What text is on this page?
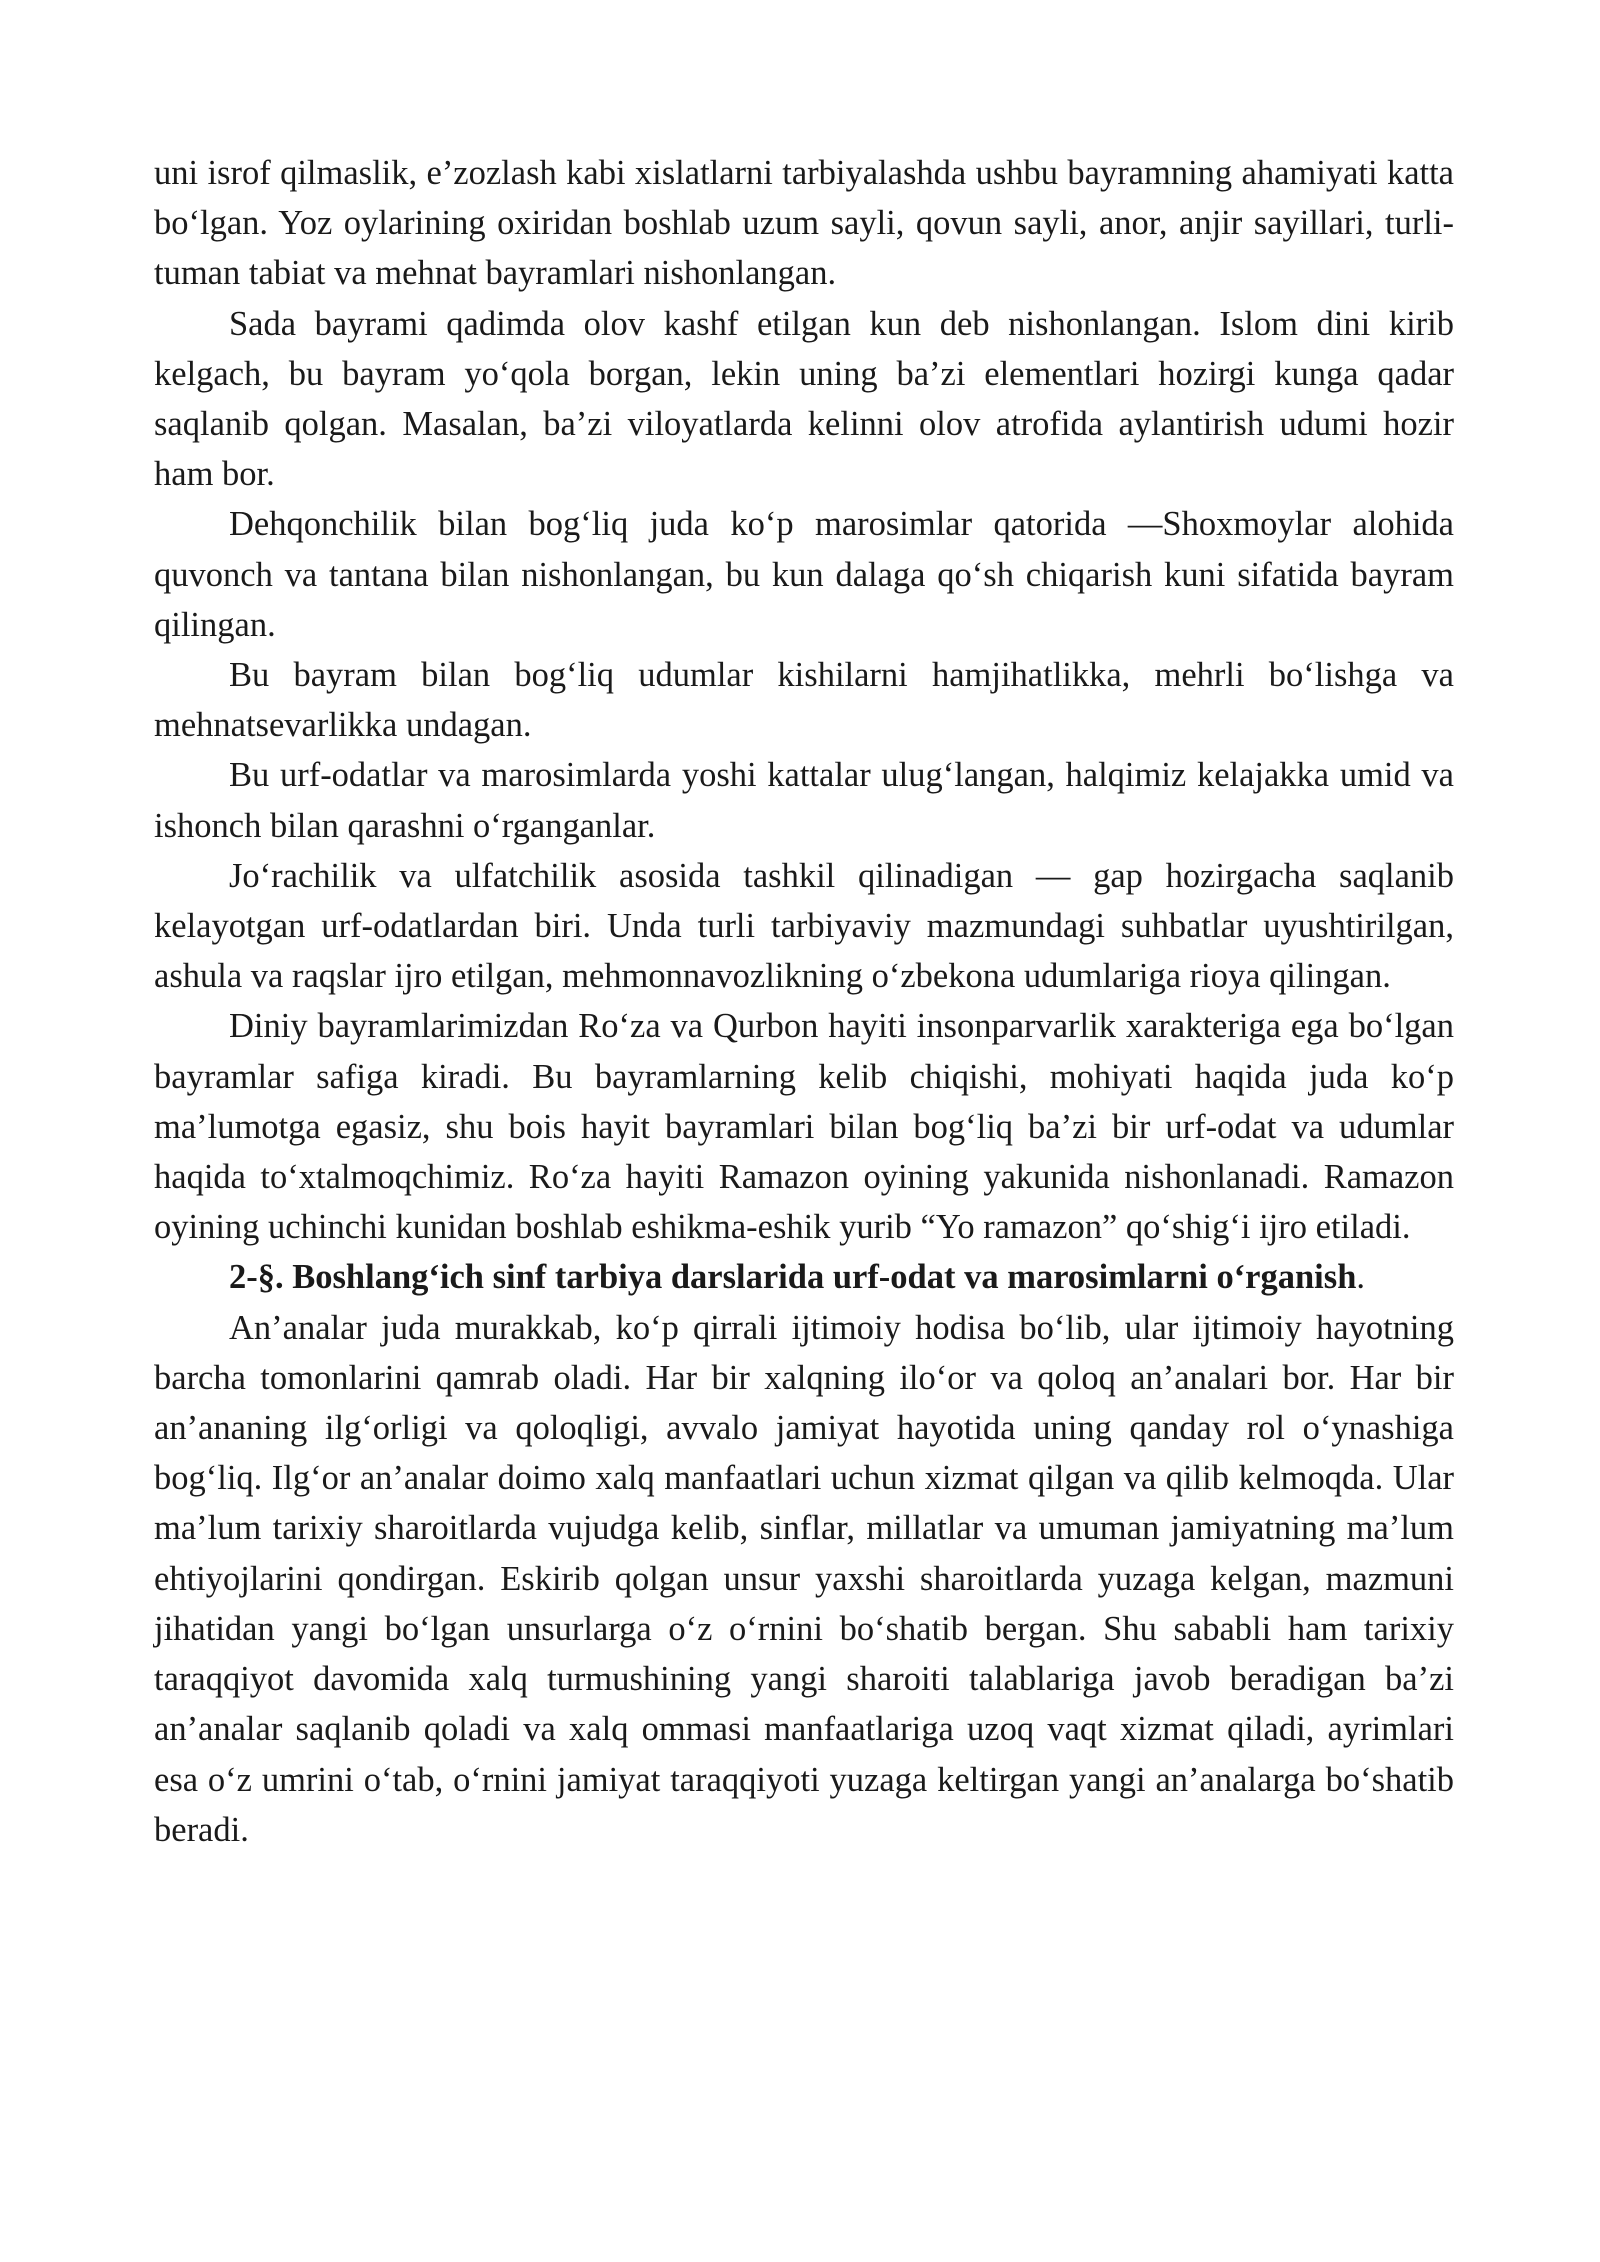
uni isrof qilmaslik, e’zozlash kabi xislatlarni tarbiyalashda ushbu bayramning ahamiyati katta bo‘lgan. Yoz oylarining oxiridan boshlab uzum sayli, qovun sayli, anor, anjir sayillari, turli-tuman tabiat va mehnat bayramlari nishonlangan.

Sada bayrami qadimda olov kashf etilgan kun deb nishonlangan. Islom dini kirib kelgach, bu bayram yo‘qola borgan, lekin uning ba’zi elementlari hozirgi kunga qadar saqlanib qolgan. Masalan, ba’zi viloyatlarda kelinni olov atrofida aylantirish udumi hozir ham bor.

Dehqonchilik bilan bog‘liq juda ko‘p marosimlar qatorida —Shoxmoylar alohida quvonch va tantana bilan nishonlangan, bu kun dalaga qo‘sh chiqarish kuni sifatida bayram qilingan.

Bu bayram bilan bog‘liq udumlar kishilarni hamjihatlikka, mehrli bo‘lishga va mehnatsevarlikka undagan.

Bu urf-odatlar va marosimlarda yoshi kattalar ulug‘langan, halqimiz kelajakka umid va ishonch bilan qarashni o‘rganganlar.

Jo‘rachilik va ulfatchilik asosida tashkil qilinadigan — gap hozirgacha saqlanib kelayotgan urf-odatlardan biri. Unda turli tarbiyaviy mazmundagi suhbatlar uyushtirilgan, ashula va raqslar ijro etilgan, mehmonnavozlikning o‘zbekona udumlariga rioya qilingan.

Diniy bayramlarimizdan Ro‘za va Qurbon hayiti insonparvarlik xarakteriga ega bo‘lgan bayramlar safiga kiradi. Bu bayramlarning kelib chiqishi, mohiyati haqida juda ko‘p ma’lumotga egasiz, shu bois hayit bayramlari bilan bog‘liq ba’zi bir urf-odat va udumlar haqida to‘xtalmoqchimiz. Ro‘za hayiti Ramazon oyining yakunida nishonlanadi. Ramazon oyining uchinchi kunidan boshlab eshikma-eshik yurib “Yo ramazon” qo‘shig‘i ijro etiladi.

2-§. Boshlang‘ich sinf tarbiya darslarida urf-odat va marosimlarni o‘rganish.

An’analar juda murakkab, ko‘p qirrali ijtimoiy hodisa bo‘lib, ular ijtimoiy hayotning barcha tomonlarini qamrab oladi. Har bir xalqning ilo‘or va qoloq an’analari bor. Har bir an’ananing ilg‘orligi va qoloqligi, avvalo jamiyat hayotida uning qanday rol o‘ynashiga bog‘liq. Ilg‘or an’analar doimo xalq manfaatlari uchun xizmat qilgan va qilib kelmoqda. Ular ma’lum tarixiy sharoitlarda vujudga kelib, sinflar, millatlar va umuman jamiyatning ma’lum ehtiyojlarini qondirgan. Eskirib qolgan unsur yaxshi sharoitlarda yuzaga kelgan, mazmuni jihatidan yangi bo‘lgan unsurlarga o‘z o‘rnini bo‘shatib bergan. Shu sababli ham tarixiy taraqqiyot davomida xalq turmushining yangi sharoiti talablariga javob beradigan ba’zi an’analar saqlanib qoladi va xalq ommasi manfaatlariga uzoq vaqt xizmat qiladi, ayrimlari esa o‘z umrini o‘tab, o‘rnini jamiyat taraqqiyoti yuzaga keltirgan yangi an’analarga bo‘shatib beradi.
